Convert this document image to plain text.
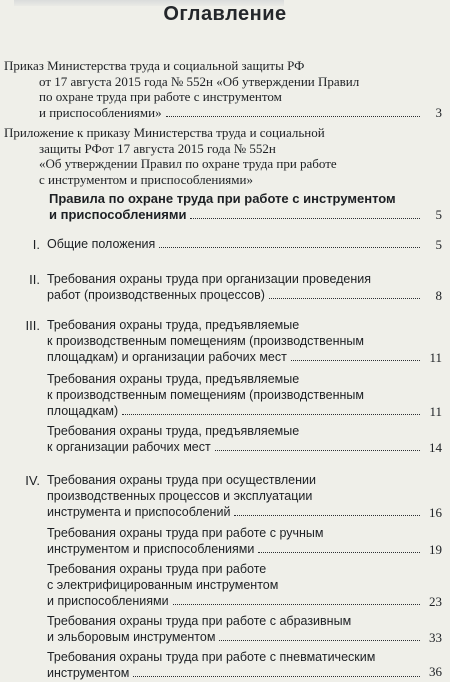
Оглавление
Приказ Министерства труда и социальной защиты РФ
от 17 августа 2015 года № 552н «Об утверждении Правил
по охране труда при работе с инструментом
и приспособлениями»	3
Приложение к приказу Министерства труда и социальной
защиты РФот 17 августа 2015 года № 552н
«Об утверждении Правил по охране труда при работе
с инструментом и приспособлениями»
Правила по охране труда при работе с инструментом
и приспособлениями	5
I. Общие положения	5
II. Требования охраны труда при организации проведения
работ (производственных процессов)	8
III. Требования охраны труда, предъявляемые
к производственным помещениям (производственным
площадкам) и организации рабочих мест	11
Требования охраны труда, предъявляемые
к производственным помещениям (производственным
площадкам)	11
Требования охраны труда, предъявляемые
к организации рабочих мест	14
IV. Требования охраны труда при осуществлении
производственных процессов и эксплуатации
инструмента и приспособлений	16
Требования охраны труда при работе с ручным
инструментом и приспособлениями	19
Требования охраны труда при работе
с электрифицированным инструментом
и приспособлениями	23
Требования охраны труда при работе с абразивным
и эльборовым инструментом	33
Требования охраны труда при работе с пневматическим
инструментом	36
